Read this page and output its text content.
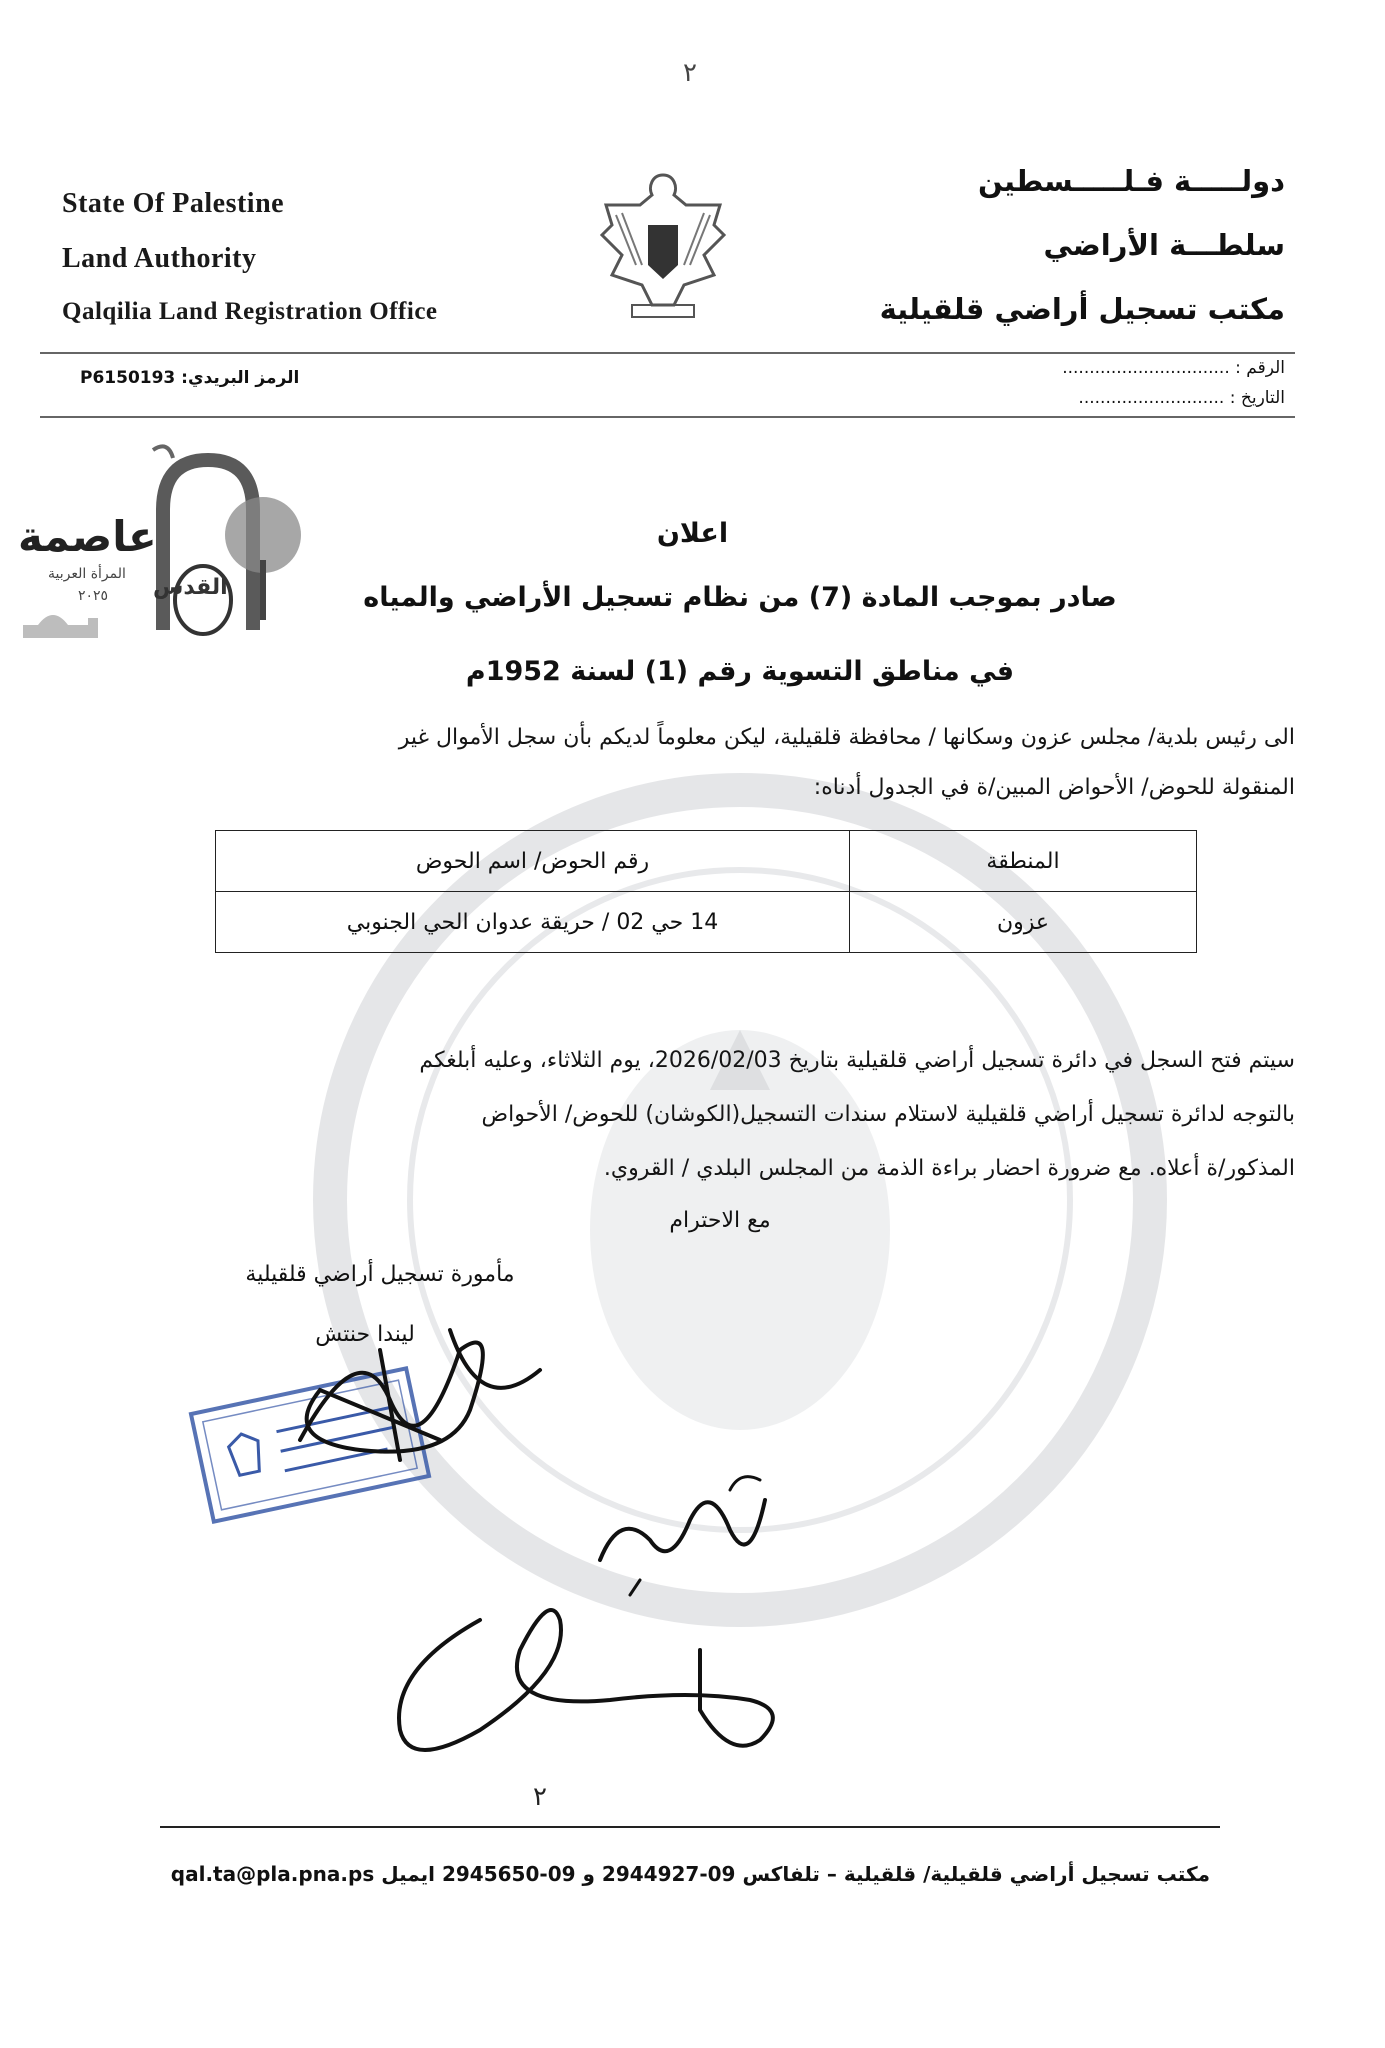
٢
State Of Palestine
Land Authority
Qalqilia Land Registration Office
دولـــــة فـلـــــسطين
سلطـــة الأراضي
مكتب تسجيل أراضي قلقيلية
الرمز البريدي: P6150193	الرقم : ...............................
التاريخ : ...........................
القدس
عاصمة
المرأة العربية
٢٠٢٥
اعلان
صادر بموجب المادة (7) من نظام تسجيل الأراضي والمياه
في مناطق التسوية رقم (1) لسنة 1952م
الى رئيس بلدية/ مجلس عزون وسكانها / محافظة قلقيلية، ليكن معلوماً لديكم بأن سجل الأموال غير
المنقولة للحوض/ الأحواض المبين/ة في الجدول أدناه:
المنطقة	رقم الحوض/ اسم الحوض
عزون	14 حي 02 / حريقة عدوان الحي الجنوبي
سيتم فتح السجل في دائرة تسجيل أراضي قلقيلية بتاريخ 2026/02/03، يوم الثلاثاء، وعليه أبلغكم
بالتوجه لدائرة تسجيل أراضي قلقيلية لاستلام سندات التسجيل(الكوشان) للحوض/ الأحواض
المذكور/ة أعلاه. مع ضرورة احضار براءة الذمة من المجلس البلدي / القروي.
مع الاحترام
مأمورة تسجيل أراضي قلقيلية
ليندا حنتش
٢
مكتب تسجيل أراضي قلقيلية/ قلقيلية – تلفاكس 09-2944927 و 09-2945650 ايميل qal.ta@pla.pna.ps
